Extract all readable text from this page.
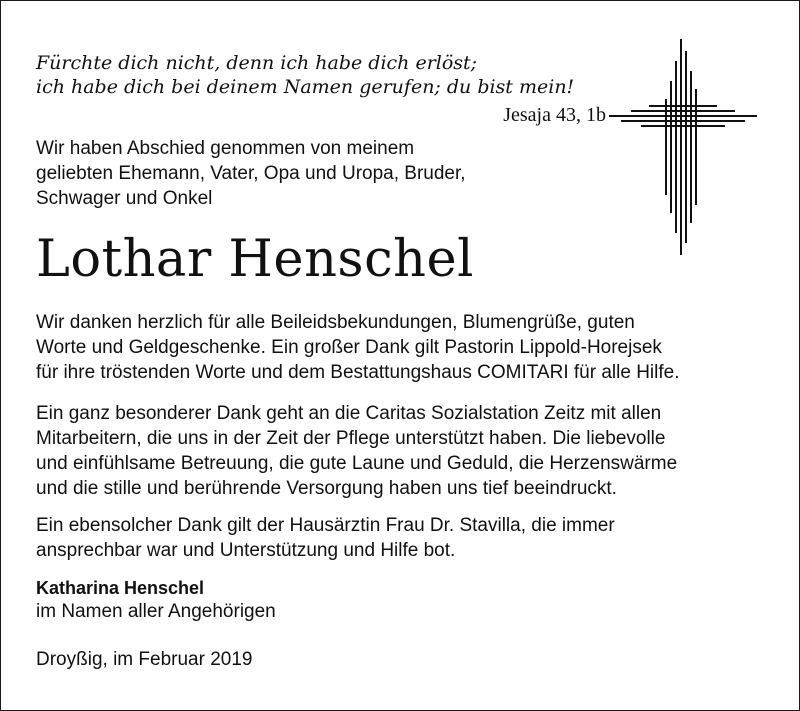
Fürchte dich nicht, denn ich habe dich erlöst;
ich habe dich bei deinem Namen gerufen; du bist mein!
Jesaja 43, 1b
Wir haben Abschied genommen von meinem
geliebten Ehemann, Vater, Opa und Uropa, Bruder,
Schwager und Onkel
Lothar Henschel
Wir danken herzlich für alle Beileidsbekundungen, Blumengrüße, guten
Worte und Geldgeschenke. Ein großer Dank gilt Pastorin Lippold-Horejsek
für ihre tröstenden Worte und dem Bestattungshaus COMITARI für alle Hilfe.
Ein ganz besonderer Dank geht an die Caritas Sozialstation Zeitz mit allen
Mitarbeitern, die uns in der Zeit der Pflege unterstützt haben. Die liebevolle
und einfühlsame Betreuung, die gute Laune und Geduld, die Herzenswärme
und die stille und berührende Versorgung haben uns tief beeindruckt.
Ein ebensolcher Dank gilt der Hausärztin Frau Dr. Stavilla, die immer
ansprechbar war und Unterstützung und Hilfe bot.
Katharina Henschel
im Namen aller Angehörigen
Droyßig, im Februar 2019
